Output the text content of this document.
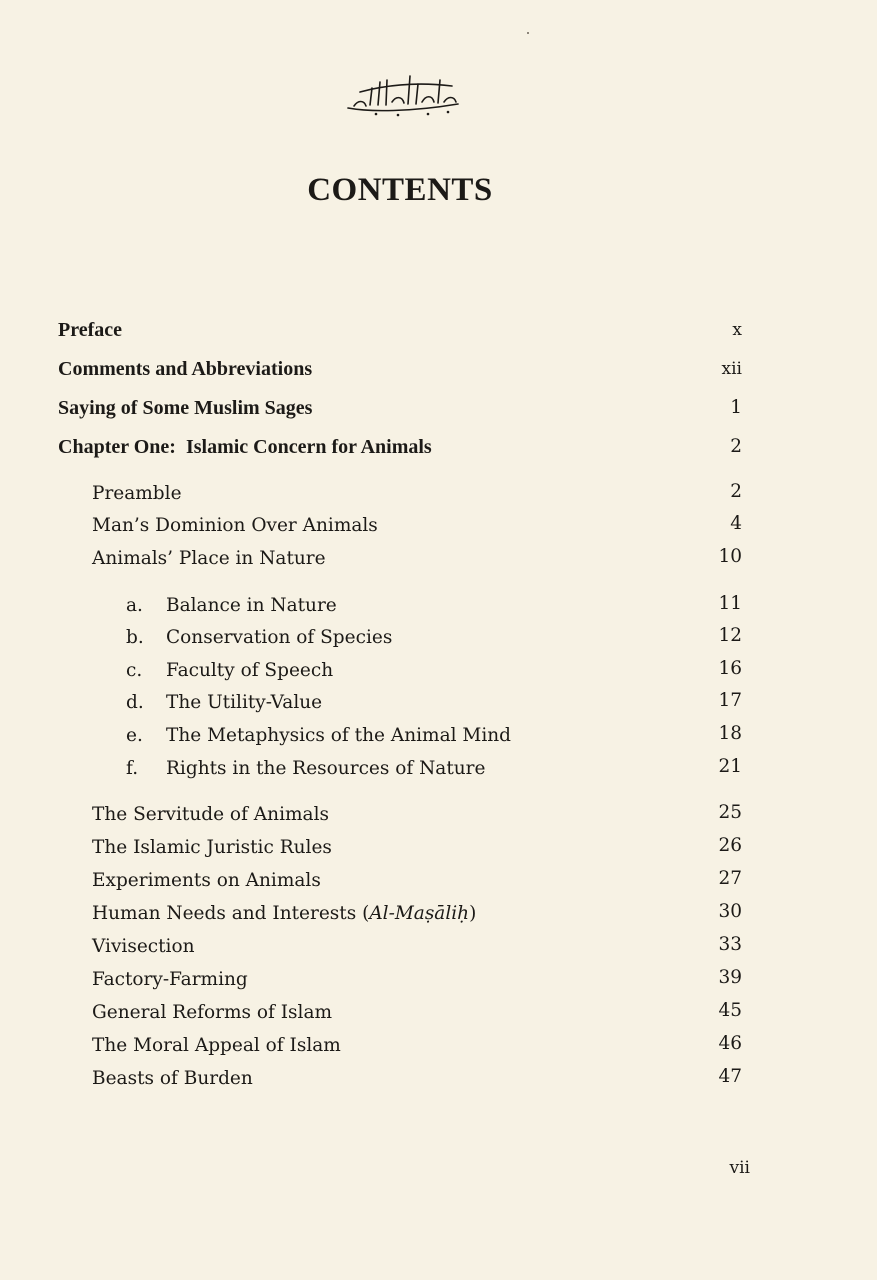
CONTENTS
Preface	x
Comments and Abbreviations	xii
Saying of Some Muslim Sages	1
Chapter One: Islamic Concern for Animals	2
Preamble	2
Man’s Dominion Over Animals	4
Animals’ Place in Nature	10
a. Balance in Nature	11
b. Conservation of Species	12
c. Faculty of Speech	16
d. The Utility-Value	17
e. The Metaphysics of the Animal Mind	18
f. Rights in the Resources of Nature	21
The Servitude of Animals	25
The Islamic Juristic Rules	26
Experiments on Animals	27
Human Needs and Interests (Al-Maṣāliḥ)	30
Vivisection	33
Factory-Farming	39
General Reforms of Islam	45
The Moral Appeal of Islam	46
Beasts of Burden	47
vii
